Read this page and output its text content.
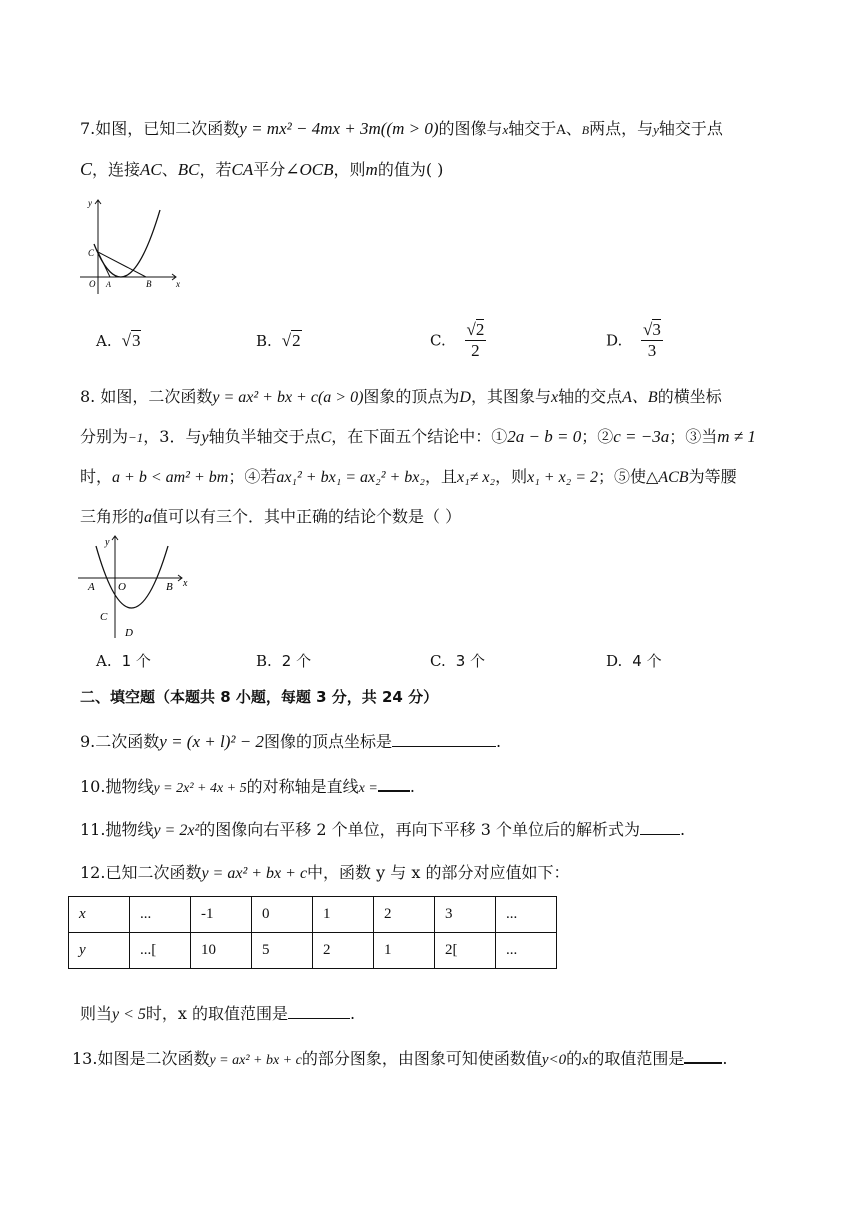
7.如图，已知二次函数y = mx² − 4mx + 3m((m > 0)的图像与x轴交于A、B两点，与y轴交于点
C，连接AC、BC，若CA平分∠OCB，则m的值为( )
y
x
C
O A	B
A. √3	B. √2	C. $\frac{√2}{2}$	D. $\frac{√3}{3}$
8. 如图，二次函数y = ax² + bx + c(a > 0)图象的顶点为D，其图象与x轴的交点A、B的横坐标
分别为−1，3．与y轴负半轴交于点C，在下面五个结论中：①2a − b = 0；②c = −3a；③当m ≠ 1
时，a + b < am² + bm；④若ax₁² + bx₁ = ax₂² + bx₂，且x₁≠ x₂，则x₁ + x₂ = 2；⑤使△ACB为等腰
三角形的a值可以有三个．其中正确的结论个数是（ ）
y
x
A O	B
C
D
A. 1 个	B. 2 个	C. 3 个	D. 4 个
二、填空题（本题共 8 小题，每题 3 分，共 24 分）
9.二次函数y = (x + l)² − 2图像的顶点坐标是	.
10.抛物线y = 2x² + 4x + 5的对称轴是直线x = .
11.抛物线y = 2x²的图像向右平移 2 个单位，再向下平移 3 个单位后的解析式为	.
12.已知二次函数y = ax² + bx + c中，函数 y 与 x 的部分对应值如下：
x	...	-1	0	1	2	3	...
y	...[	10	5	2	1	2[	...
则当y < 5时，x 的取值范围是	.
13.如图是二次函数y = ax² + bx + c的部分图象，由图象可知使函数值y<0的x的取值范围是 .
